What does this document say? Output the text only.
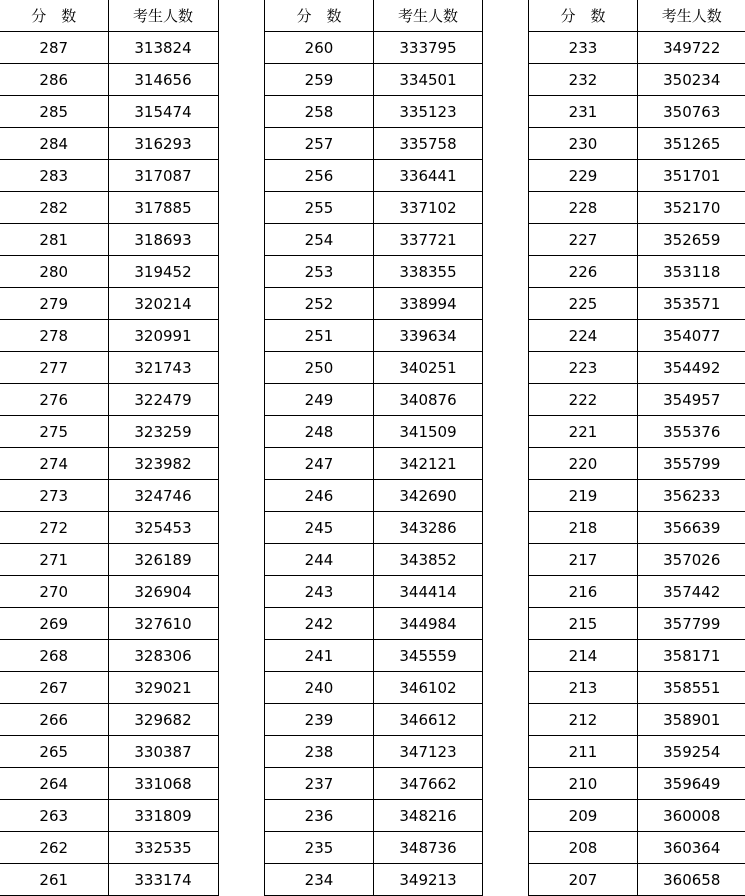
分　数	考生人数
287	313824
286	314656
285	315474
284	316293
283	317087
282	317885
281	318693
280	319452
279	320214
278	320991
277	321743
276	322479
275	323259
274	323982
273	324746
272	325453
271	326189
270	326904
269	327610
268	328306
267	329021
266	329682
265	330387
264	331068
263	331809
262	332535
261	333174
分　数	考生人数
260	333795
259	334501
258	335123
257	335758
256	336441
255	337102
254	337721
253	338355
252	338994
251	339634
250	340251
249	340876
248	341509
247	342121
246	342690
245	343286
244	343852
243	344414
242	344984
241	345559
240	346102
239	346612
238	347123
237	347662
236	348216
235	348736
234	349213
分　数	考生人数
233	349722
232	350234
231	350763
230	351265
229	351701
228	352170
227	352659
226	353118
225	353571
224	354077
223	354492
222	354957
221	355376
220	355799
219	356233
218	356639
217	357026
216	357442
215	357799
214	358171
213	358551
212	358901
211	359254
210	359649
209	360008
208	360364
207	360658
